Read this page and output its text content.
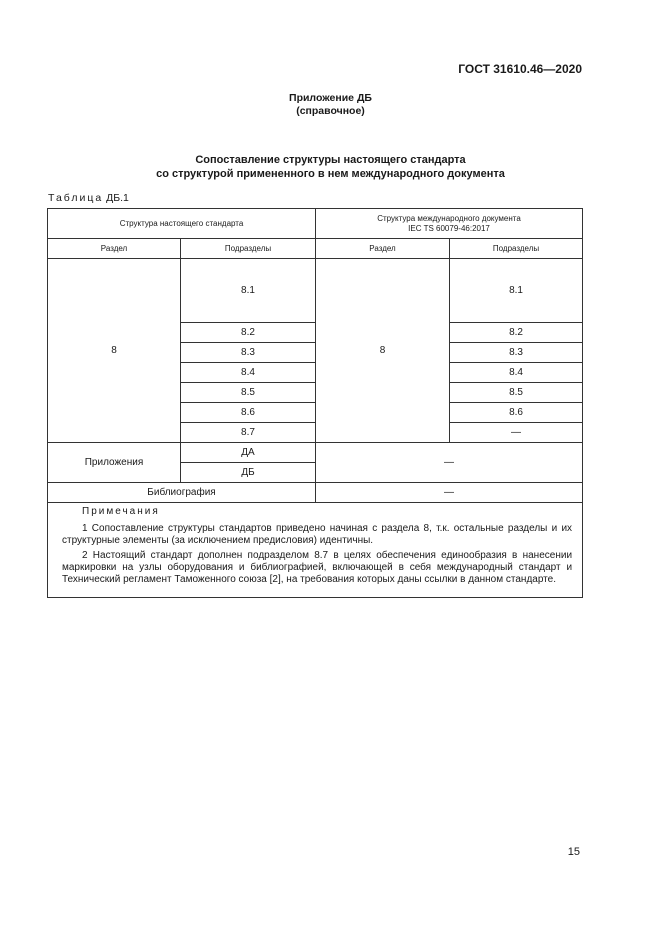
ГОСТ 31610.46—2020
Приложение ДБ
(справочное)
Сопоставление структуры настоящего стандарта
со структурой примененного в нем международного документа
Таблица ДБ.1
Структура настоящего стандарта		Структура международного документа
IEC TS 60079-46:2017	

Раздел	Подразделы	Раздел	Подразделы
8	8.1	8	8.1
	8.2		8.2
	8.3		8.3
	8.4		8.4
	8.5		8.5
	8.6		8.6
	8.7		—
Приложения	ДА	—	
	ДБ		
Библиография		—	

Примечания
1 Сопоставление структуры стандартов приведено начиная с раздела 8, т.к. остальные разделы и их структурные элементы (за исключением предисловия) идентичны.
2 Настоящий стандарт дополнен подразделом 8.7 в целях обеспечения единообразия в нанесении маркировки на узлы оборудования и библиографией, включающей в себя международный стандарт и Технический регламент Таможенного союза [2], на требования которых даны ссылки в данном стандарте.			
15
